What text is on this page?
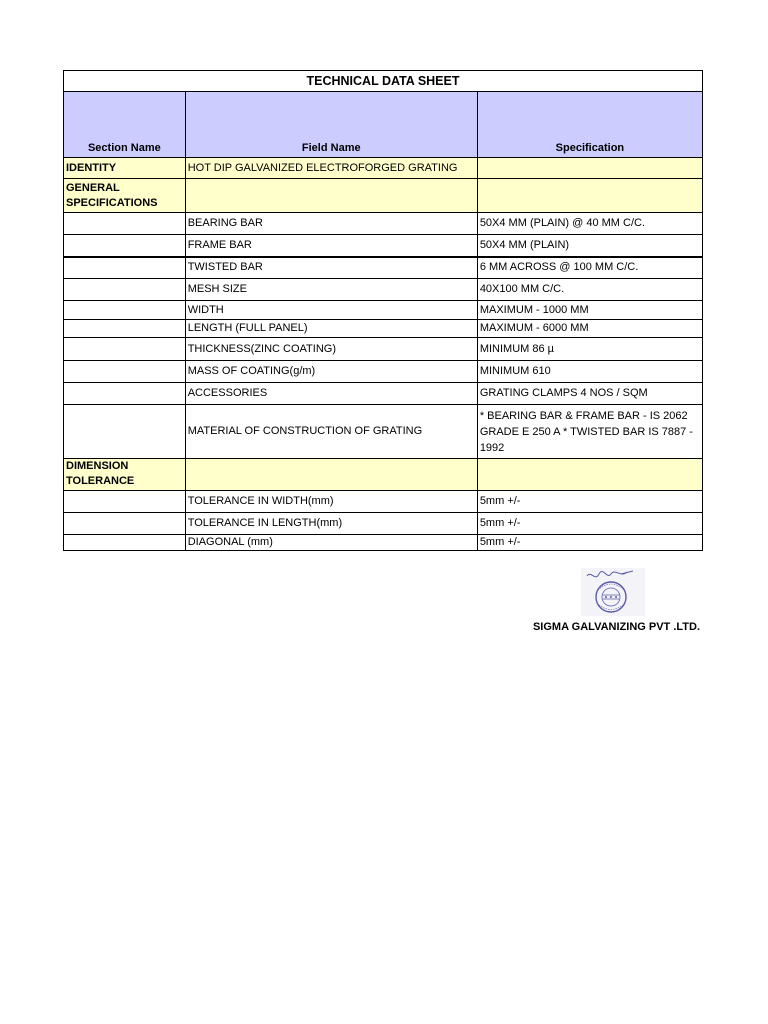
TECHNICAL DATA SHEET		
Section Name	Field Name	Specification
IDENTITY	HOT DIP GALVANIZED ELECTROFORGED GRATING	
GENERAL SPECIFICATIONS		
	BEARING BAR	50X4 MM (PLAIN) @ 40 MM C/C.
	FRAME BAR	50X4 MM (PLAIN)
	TWISTED BAR	6 MM ACROSS @ 100 MM C/C.
	MESH SIZE	40X100 MM C/C.
	WIDTH	MAXIMUM - 1000 MM
	LENGTH (FULL PANEL)	MAXIMUM - 6000 MM
	THICKNESS(ZINC COATING)	MINIMUM 86 µ
	MASS OF COATING(g/m)	MINIMUM 610
	ACCESSORIES	GRATING CLAMPS 4 NOS / SQM
	MATERIAL OF CONSTRUCTION OF GRATING	* BEARING BAR & FRAME BAR - IS 2062 GRADE E 250 A * TWISTED BAR IS 7887 - 1992
DIMENSION TOLERANCE		
	TOLERANCE IN WIDTH(mm)	5mm +/-
	TOLERANCE IN LENGTH(mm)	5mm +/-
	DIAGONAL (mm)	5mm +/-
SIGMA GALVANIZING PVT .LTD.
